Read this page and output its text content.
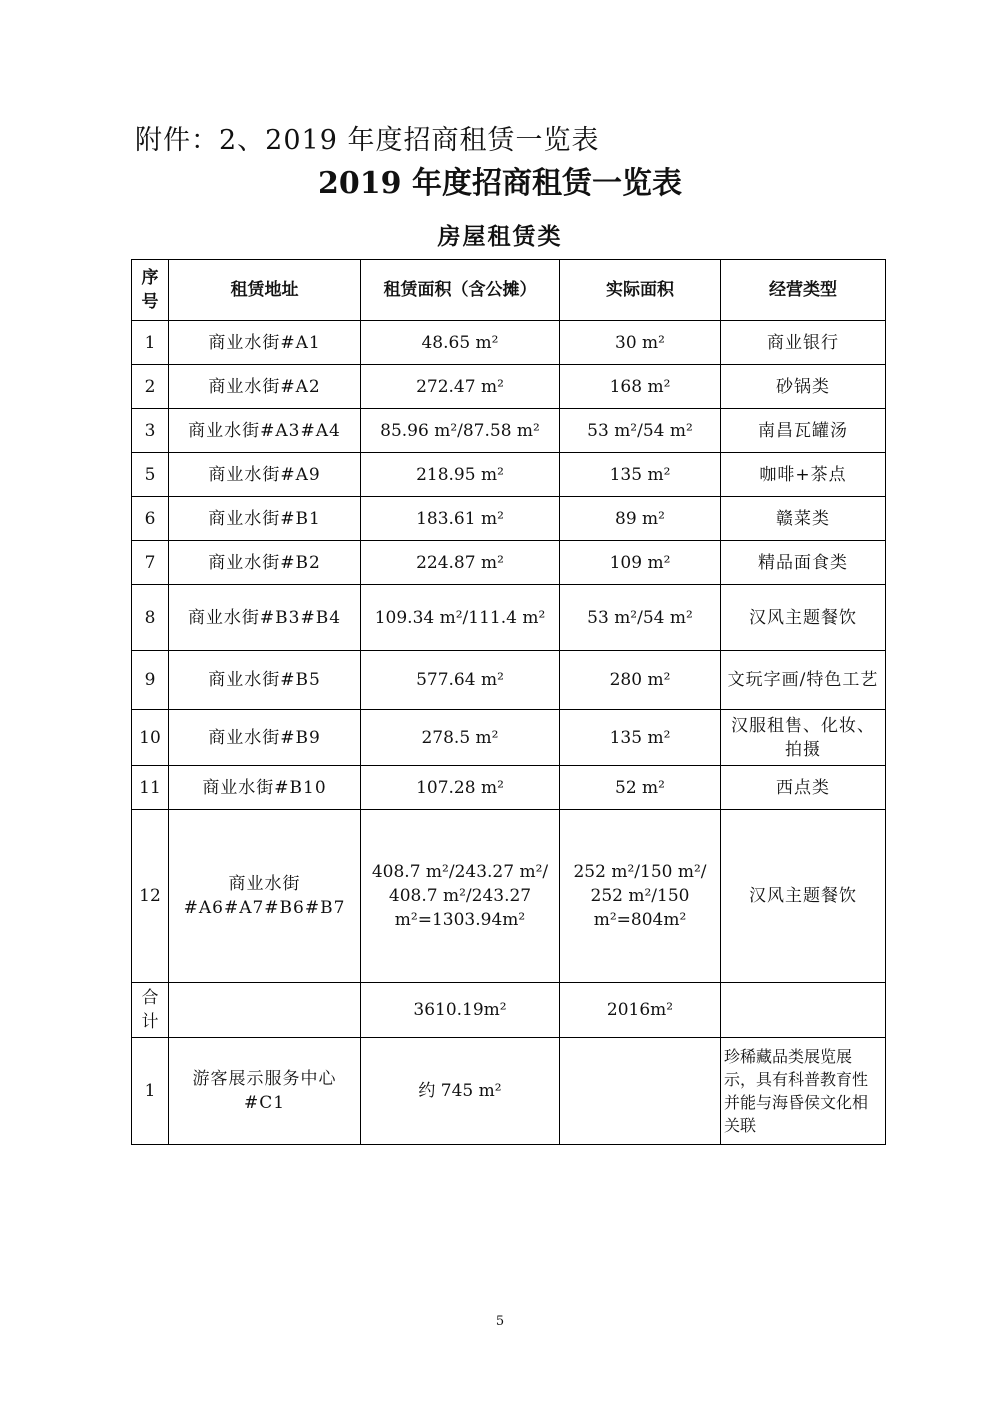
附件：2、2019 年度招商租赁一览表
2019 年度招商租赁一览表
房屋租赁类
序号	租赁地址	租赁面积（含公摊）	实际面积	经营类型
1	商业水街#A1	48.65 m²	30 m²	商业银行
2	商业水街#A2	272.47 m²	168 m²	砂锅类
3	商业水街#A3#A4	85.96 m²/87.58 m²	53 m²/54 m²	南昌瓦罐汤
5	商业水街#A9	218.95 m²	135 m²	咖啡+茶点
6	商业水街#B1	183.61 m²	89 m²	赣菜类
7	商业水街#B2	224.87 m²	109 m²	精品面食类
8	商业水街#B3#B4	109.34 m²/111.4 m²	53 m²/54 m²	汉风主题餐饮
9	商业水街#B5	577.64 m²	280 m²	文玩字画/特色工艺
10	商业水街#B9	278.5 m²	135 m²	汉服租售、化妆、拍摄
11	商业水街#B10	107.28 m²	52 m²	西点类
12	商业水街 #A6#A7#B6#B7	408.7 m²/243.27 m²/ 408.7 m²/243.27 m²=1303.94m²	252 m²/150 m²/ 252 m²/150 m²=804m²	汉风主题餐饮
合计		3610.19m²	2016m²	
1	游客展示服务中心 #C1	约 745 m²		珍稀藏品类展览展示，具有科普教育性并能与海昏侯文化相关联
5
